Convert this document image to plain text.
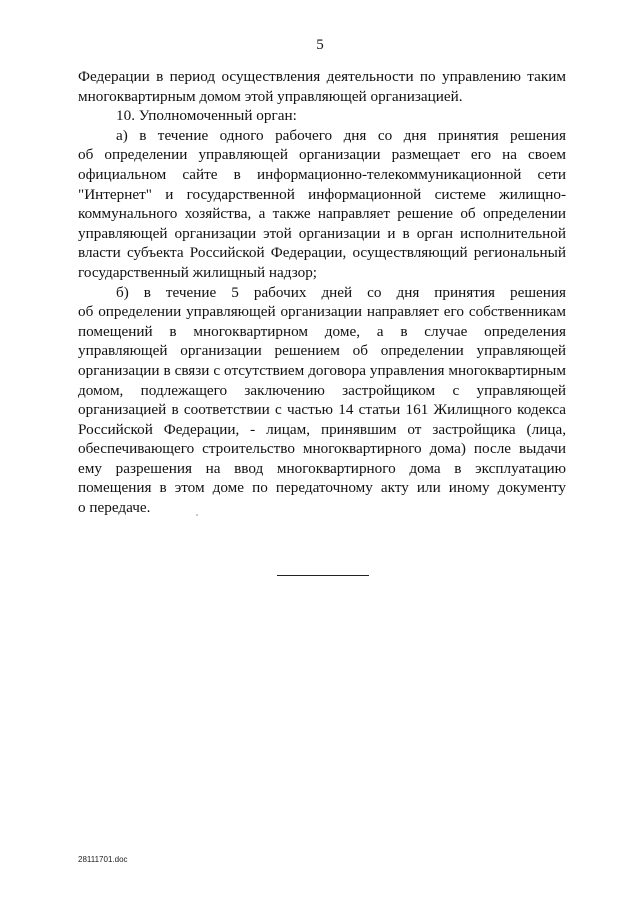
5
Федерации в период осуществления деятельности по управлению таким
многоквартирным домом этой управляющей организацией.
10. Уполномоченный орган:
а) в течение одного рабочего дня со дня принятия решения
об определении управляющей организации размещает его на своем
официальном сайте в информационно-телекоммуникационной сети
"Интернет" и государственной информационной системе жилищно-
коммунального хозяйства, а также направляет решение об определении
управляющей организации этой организации и в орган исполнительной
власти субъекта Российской Федерации, осуществляющий региональный
государственный жилищный надзор;
б) в течение 5 рабочих дней со дня принятия решения
об определении управляющей организации направляет его собственникам
помещений в многоквартирном доме, а в случае определения
управляющей организации решением об определении управляющей
организации в связи с отсутствием договора управления многоквартирным
домом, подлежащего заключению застройщиком с управляющей
организацией в соответствии с частью 14 статьи 161 Жилищного кодекса
Российской Федерации, - лицам, принявшим от застройщика (лица,
обеспечивающего строительство многоквартирного дома) после выдачи
ему разрешения на ввод многоквартирного дома в эксплуатацию
помещения в этом доме по передаточному акту или иному документу
о передаче.
28111701.doc
